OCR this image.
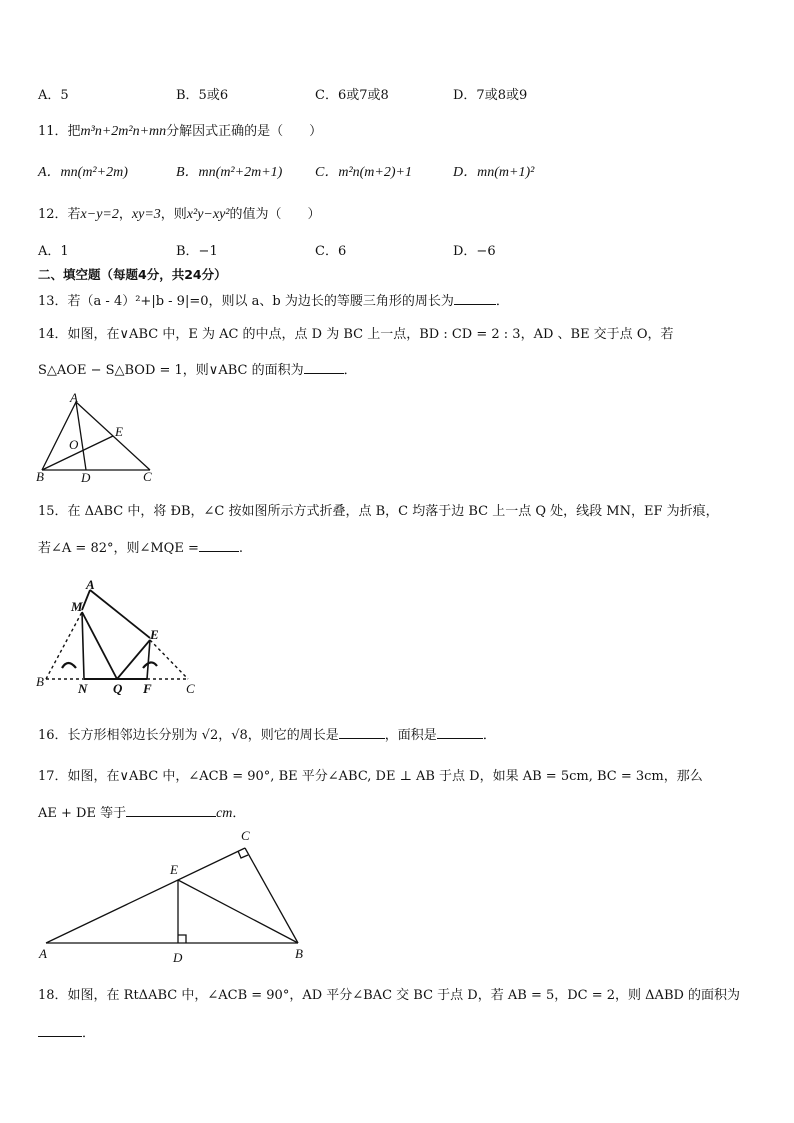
A．5	B．5或6	C．6或7或8	D．7或8或9
11．把m³n+2m²n+mn分解因式正确的是（　　）
A．mn(m²+2m)	B．mn(m²+2m+1) C．m²n(m+2)+1	D．mn(m+1)²
12．若x−y=2，xy=3，则x²y−xy²的值为（　　）
A．1	B．−1	C．6	D．−6
二、填空题（每题4分，共24分）
13．若（a - 4）²+|b - 9|=0，则以 a、b 为边长的等腰三角形的周长为	．
14．如图，在∨ABC 中，E 为 AC 的中点，点 D 为 BC 上一点，BD : CD = 2 : 3，AD 、BE 交于点 O，若
S△AOE − S△BOD = 1，则∨ABC 的面积为	．
A
B	C
D
E
O
15．在 ΔABC 中，将 ÐB，∠C 按如图所示方式折叠，点 B，C 均落于边 BC 上一点 Q 处，线段 MN，EF 为折痕，
若∠A = 82°，则∠MQE =	.
A
M
E
B	N Q F	C
16．长方形相邻边长分别为 √2，√8，则它的周长是	，面积是	．
17．如图，在∨ABC 中，∠ACB = 90°, BE 平分∠ABC, DE ⊥ AB 于点 D，如果 AB = 5cm, BC = 3cm，那么
AE + DE 等于	cm．
C
E
A	D	B
18．如图，在 RtΔABC 中，∠ACB = 90°，AD 平分∠BAC 交 BC 于点 D，若 AB = 5，DC = 2，则 ΔABD 的面积为
．
